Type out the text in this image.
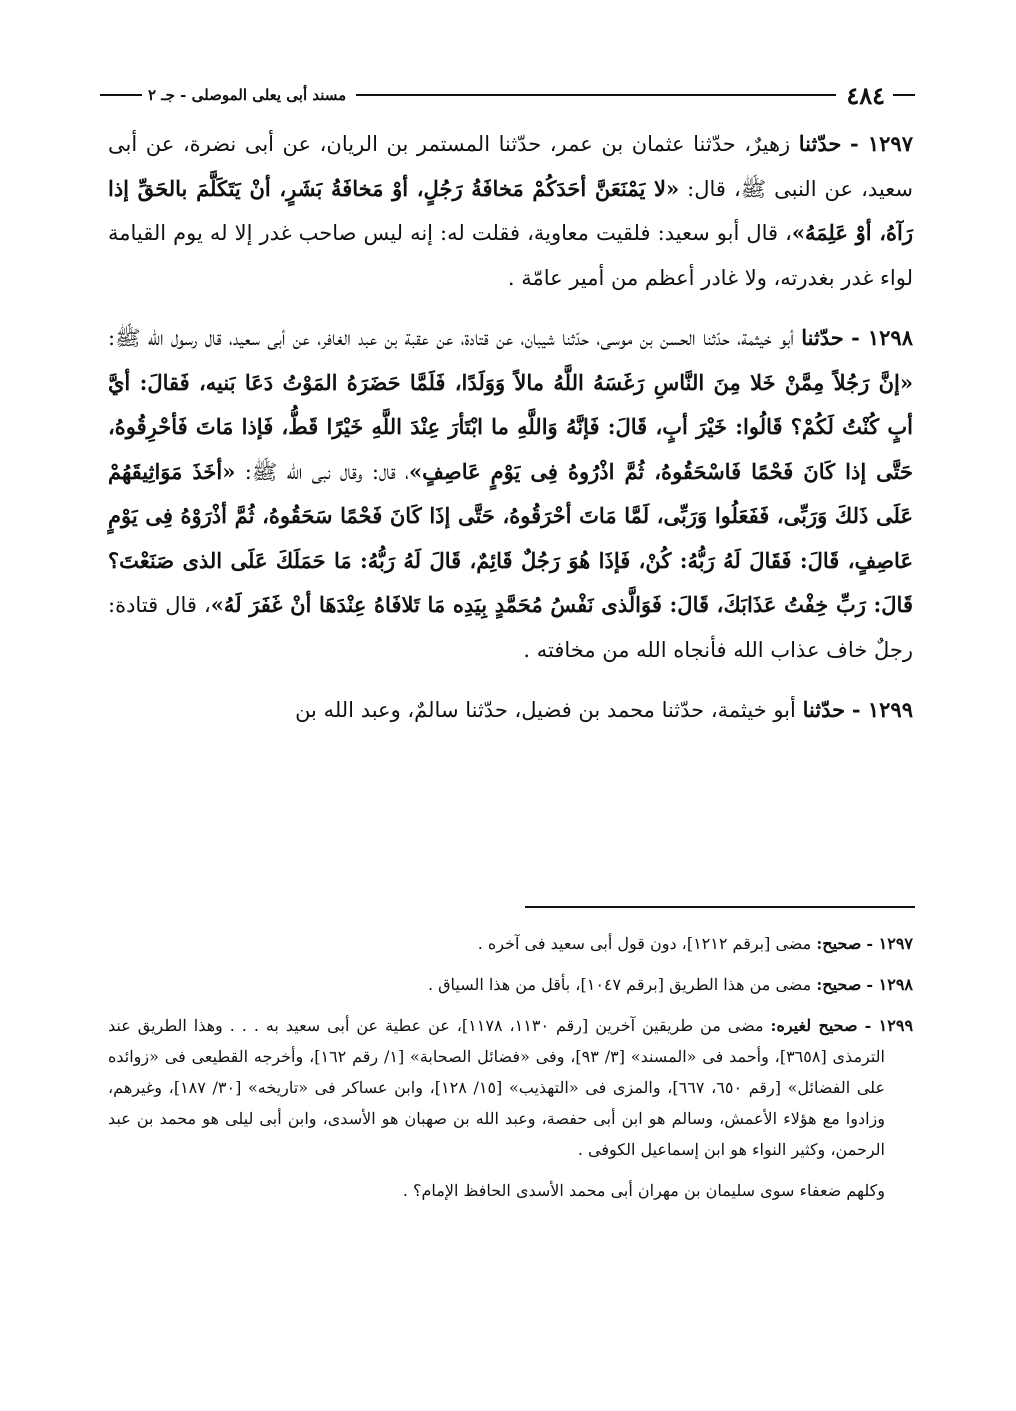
٤٨٤
مسند أبى يعلى الموصلى - جـ ٢

١٢٩٧ - حدّثنا زهيرٌ، حدّثنا عثمان بن عمر، حدّثنا المستمر بن الريان، عن أبى نضرة، عن أبى سعيد، عن النبى ﷺ، قال: «لا يَمْنَعَنَّ أحَدَكُمْ مَخافَةُ رَجُلٍ، أوْ مَخافَةُ بَشَرٍ، أنْ يَتَكَلَّمَ بالحَقِّ إذا رَآهُ، أوْ عَلِمَهُ»، قال أبو سعيد: فلقيت معاوية، فقلت له: إنه ليس صاحب غدر إلا له يوم القيامة لواء غدر بغدرته، ولا غادر أعظم من أمير عامّة .

١٢٩٨ - حدّثنا أبو خيثمة، حدّثنا الحسن بن موسى، حدّثنا شيبان، عن قتادة، عن عقبة بن عبد الغافر، عن أبى سعيد، قال رسول الله ﷺ: «إنَّ رَجُلاً مِمَّنْ خَلا مِنَ النَّاسِ رَغَسَهُ اللَّهُ مالاً وَوَلَدًا، فَلَمَّا حَضَرَهُ المَوْتُ دَعَا بَنيه، فَقالَ: أيَّ أبٍ كُنْتُ لَكُمْ؟ قَالُوا: خَيْرَ أبٍ، قَالَ: فَإنَّهُ وَاللَّهِ ما ابْتَأرَ عِنْدَ اللَّهِ خَيْرًا قَطُّ، فَإذا مَاتَ فَأحْرِقُوهُ، حَتَّى إذا كَانَ فَحْمًا فَاسْحَقُوهُ، ثُمَّ اذْرُوهُ فِى يَوْمٍ عَاصِفٍ»، قال: وقال نبى الله ﷺ: «أخَذَ مَوَاثِيقَهُمْ عَلَى ذَلكَ وَرَبِّى، فَفَعَلُوا وَرَبِّى، لَمَّا مَاتَ أحْرَقُوهُ، حَتَّى إذَا كَانَ فَحْمًا سَحَقُوهُ، ثُمَّ أذْرَوْهُ فِى يَوْمٍ عَاصِفٍ، قَالَ: فَقَالَ لَهُ رَبُّهُ: كُنْ، فَإذَا هُوَ رَجُلٌ قَائِمٌ، قَالَ لَهُ رَبُّهُ: مَا حَمَلَكَ عَلَى الذى صَنَعْتَ؟ قَالَ: رَبِّ خِفْتُ عَذَابَكَ، قَالَ: فَوَالَّذى نَفْسُ مُحَمَّدٍ بِيَدِه مَا تَلافَاهُ عِنْدَهَا أنْ غَفَرَ لَهُ»، قال قتادة: رجلٌ خاف عذاب الله فأنجاه الله من مخافته .

١٢٩٩ - حدّثنا أبو خيثمة، حدّثنا محمد بن فضيل، حدّثنا سالمٌ، وعبد الله بن

١٢٩٧ - صحيح: مضى [برقم ١٢١٢]، دون قول أبى سعيد فى آخره .

١٢٩٨ - صحيح: مضى من هذا الطريق [برقم ١٠٤٧]، بأقل من هذا السياق .

١٢٩٩ - صحيح لغيره: مضى من طريقين آخرين [رقم ١١٣٠، ١١٧٨]، عن عطية عن أبى سعيد به . . . وهذا الطريق عند الترمذى [٣٦٥٨]، وأحمد فى «المسند» [٣/ ٩٣]، وفى «فضائل الصحابة» [١/ رقم ١٦٢]، وأخرجه القطيعى فى «زوائده على الفضائل» [رقم ٦٥٠، ٦٦٧]، والمزى فى «التهذيب» [١٥/ ١٢٨]، وابن عساكر فى «تاريخه» [٣٠/ ١٨٧]، وغيرهم، وزادوا مع هؤلاء الأعمش، وسالم هو ابن أبى حفصة، وعبد الله بن صهبان هو الأسدى، وابن أبى ليلى هو محمد بن عبد الرحمن، وكثير النواء هو ابن إسماعيل الكوفى .

وكلهم ضعفاء سوى سليمان بن مهران أبى محمد الأسدى الحافظ الإمام؟ .
